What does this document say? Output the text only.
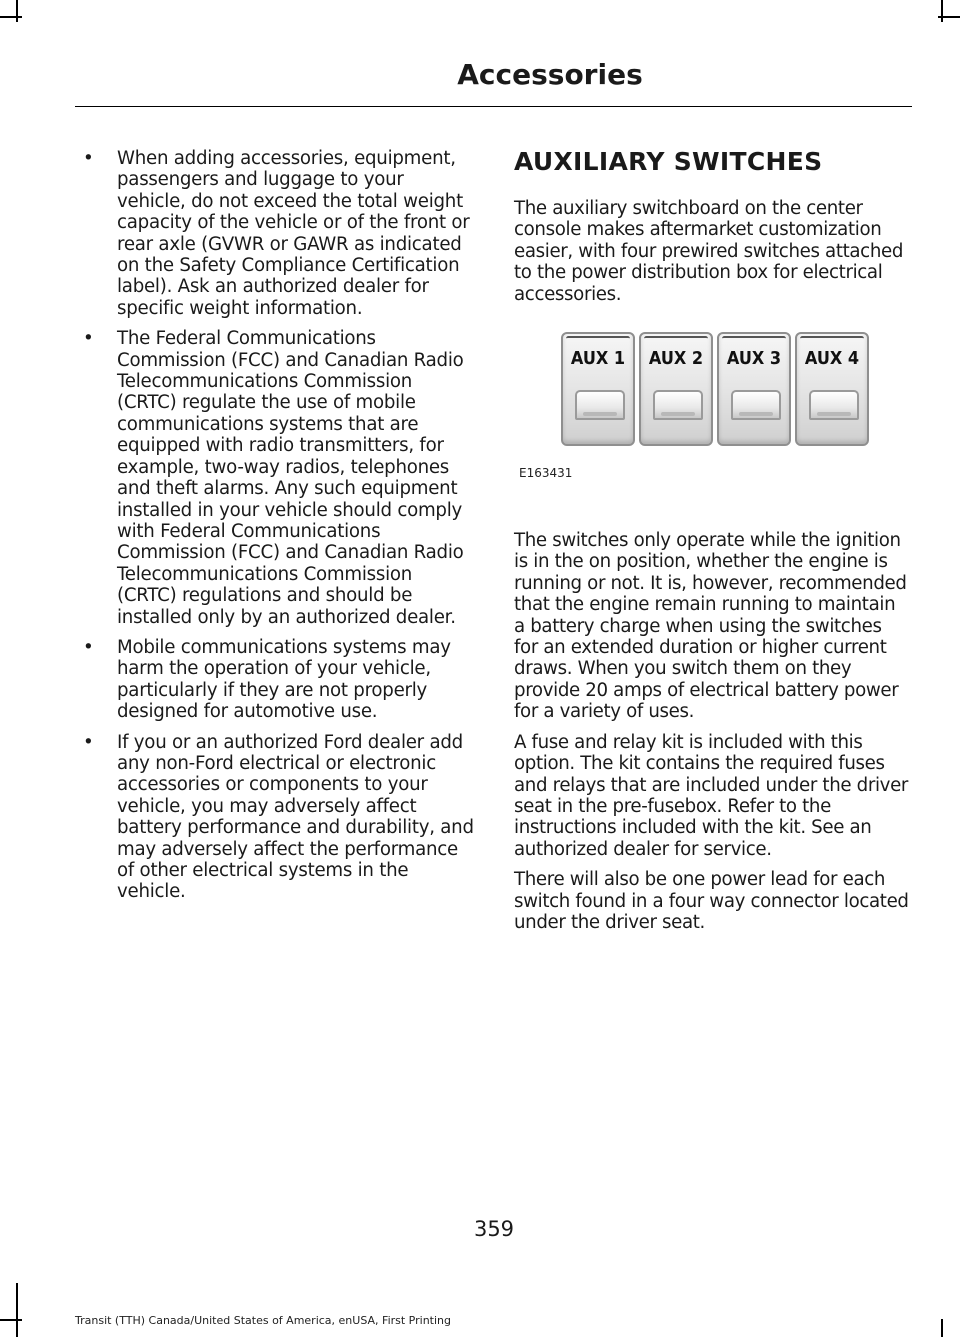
Accessories
• When adding accessories, equipment, passengers and luggage to your vehicle, do not exceed the total weight capacity of the vehicle or of the front or rear axle (GVWR or GAWR as indicated on the Safety Compliance Certification label). Ask an authorized dealer for specific weight information.
• The Federal Communications Commission (FCC) and Canadian Radio Telecommunications Commission (CRTC) regulate the use of mobile communications systems that are equipped with radio transmitters, for example, two-way radios, telephones and theft alarms. Any such equipment installed in your vehicle should comply with Federal Communications Commission (FCC) and Canadian Radio Telecommunications Commission (CRTC) regulations and should be installed only by an authorized dealer.
• Mobile communications systems may harm the operation of your vehicle, particularly if they are not properly designed for automotive use.
• If you or an authorized Ford dealer add any non-Ford electrical or electronic accessories or components to your vehicle, you may adversely affect battery performance and durability, and may adversely affect the performance of other electrical systems in the vehicle.
AUXILIARY SWITCHES

The auxiliary switchboard on the center console makes aftermarket customization easier, with four prewired switches attached to the power distribution box for electrical accessories.

AUX 1 AUX 2 AUX 3 AUX 4
E163431

The switches only operate while the ignition is in the on position, whether the engine is running or not. It is, however, recommended that the engine remain running to maintain a battery charge when using the switches for an extended duration or higher current draws. When you switch them on they provide 20 amps of electrical battery power for a variety of uses.

A fuse and relay kit is included with this option. The kit contains the required fuses and relays that are included under the driver seat in the pre-fusebox. Refer to the instructions included with the kit. See an authorized dealer for service.

There will also be one power lead for each switch found in a four way connector located under the driver seat.

359
Transit (TTH) Canada/United States of America, enUSA, First Printing
